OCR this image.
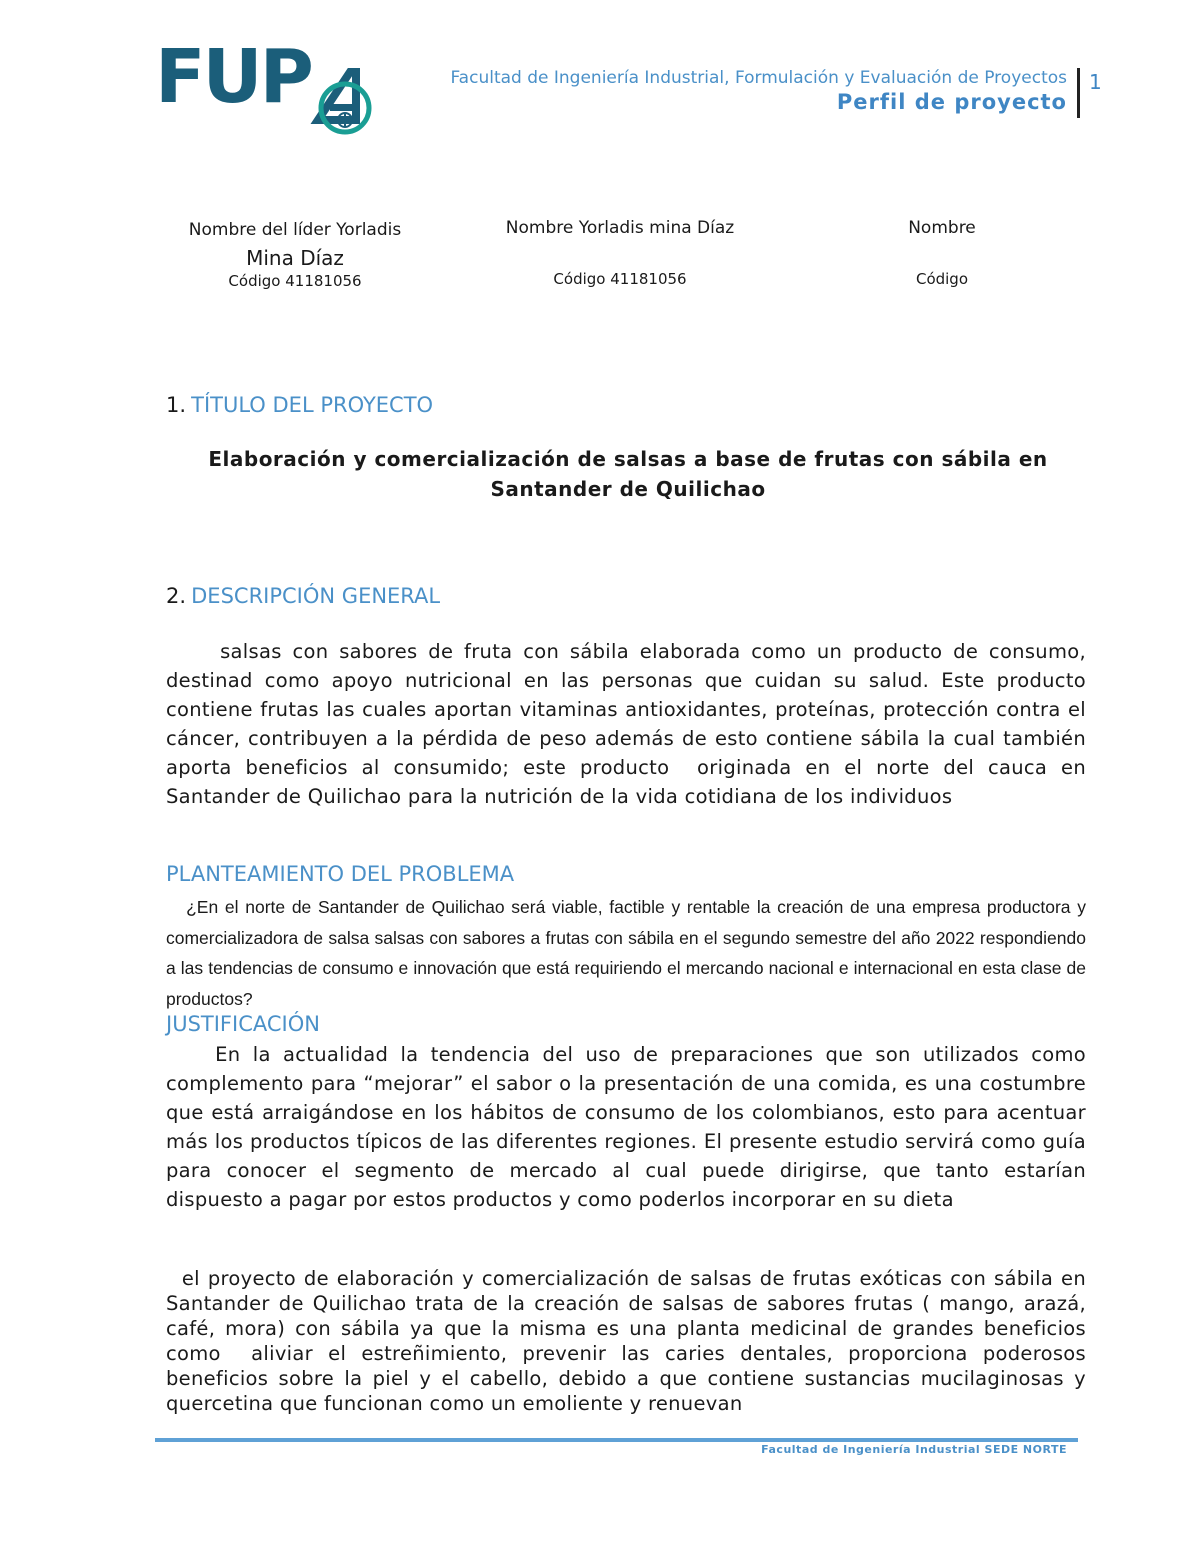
FUP	Facultad de Ingeniería Industrial, Formulación y Evaluación de Proyectos
Perfil de proyecto
1
Nombre del líder Yorladis
Mina Díaz
Código 41181056
Nombre Yorladis mina Díaz
Código 41181056
Nombre
Código
1. TÍTULO DEL PROYECTO
Elaboración y comercialización de salsas a base de frutas con sábila en Santander de Quilichao
2. DESCRIPCIÓN GENERAL
salsas con sabores de fruta con sábila elaborada como un producto de consumo, destinad como apoyo nutricional en las personas que cuidan su salud. Este producto contiene frutas las cuales aportan vitaminas antioxidantes, proteínas, protección contra el cáncer, contribuyen a la pérdida de peso además de esto contiene sábila la cual también aporta beneficios al consumido; este producto  originada en el norte del cauca en  Santander de Quilichao para la nutrición de la vida cotidiana de los individuos
PLANTEAMIENTO DEL PROBLEMA
¿En el norte de Santander de Quilichao será viable, factible y rentable la creación de una empresa productora y comercializadora de salsa salsas con sabores a frutas con sábila en el segundo semestre del año 2022 respondiendo a las tendencias de consumo e innovación que está requiriendo el mercando nacional e internacional en esta clase de productos?
JUSTIFICACIÓN
En la actualidad la tendencia del uso de preparaciones que son utilizados como complemento para “mejorar” el sabor o la presentación de una comida, es una costumbre que está arraigándose en los hábitos de consumo de los colombianos, esto para acentuar más los productos típicos de las diferentes regiones. El presente estudio servirá como guía para conocer el segmento de mercado al cual puede dirigirse, que tanto estarían dispuesto a pagar por estos productos y como poderlos incorporar en su dieta
el proyecto de elaboración y comercialización de salsas de frutas exóticas con sábila en Santander de Quilichao trata de la creación de salsas de sabores frutas ( mango, arazá, café, mora) con sábila ya que la misma es una planta medicinal de grandes beneficios como  aliviar el estreñimiento, prevenir las caries dentales, proporciona poderosos beneficios sobre la piel y el cabello, debido a que contiene sustancias mucilaginosas y quercetina que funcionan como un emoliente y renuevan
Facultad de Ingeniería Industrial SEDE NORTE
